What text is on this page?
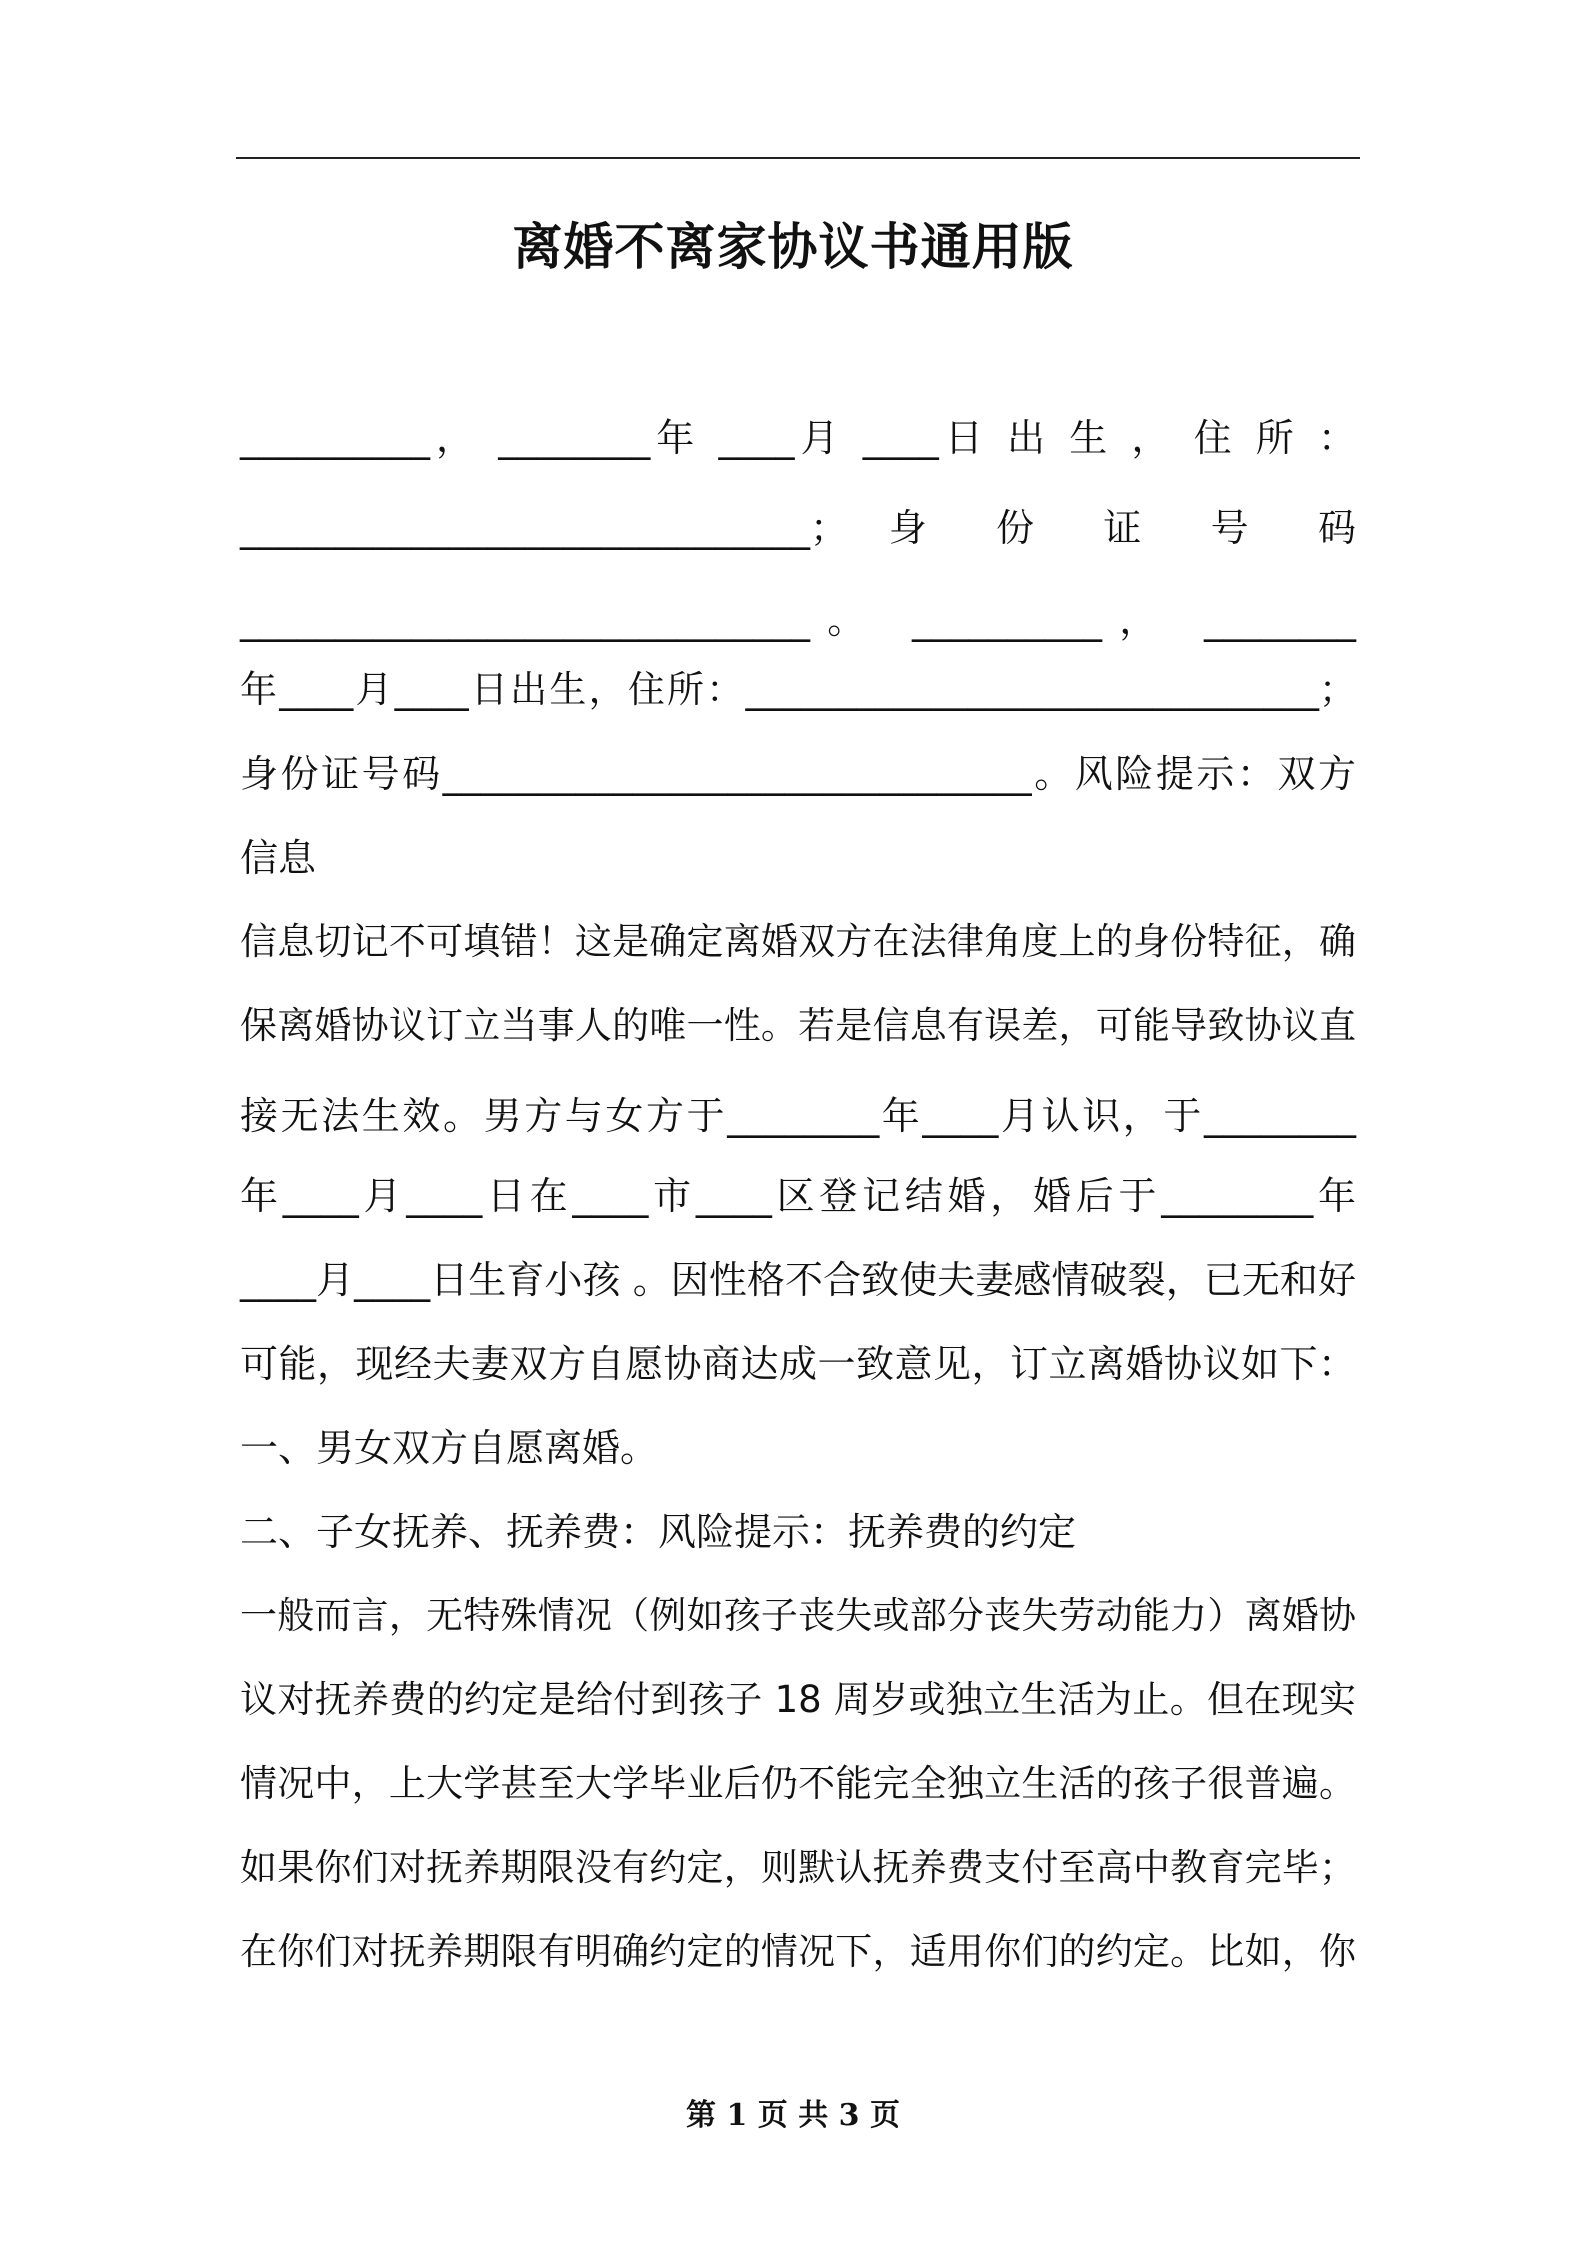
离婚不离家协议书通用版
__________， ________年 ____月 ____日 出 生 ， 住 所 ：
______________________________； 身 份 证 号 码
______________________________。 __________， ________
年____月____日出生，住所：_______________________________；
身份证号码_______________________________。风险提示：双方
信息
信息切记不可填错！这是确定离婚双方在法律角度上的身份特征，确
保离婚协议订立当事人的唯一性。若是信息有误差，可能导致协议直
接无法生效。男方与女方于________年____月认识，于________
年____月____日在____市____区登记结婚，婚后于________年
____月____日生育小孩 。因性格不合致使夫妻感情破裂，已无和好
可能，现经夫妻双方自愿协商达成一致意见，订立离婚协议如下：
一、男女双方自愿离婚。
二、子女抚养、抚养费：风险提示：抚养费的约定
一般而言，无特殊情况（例如孩子丧失或部分丧失劳动能力）离婚协
议对抚养费的约定是给付到孩子 18 周岁或独立生活为止。但在现实
情况中，上大学甚至大学毕业后仍不能完全独立生活的孩子很普遍。
如果你们对抚养期限没有约定，则默认抚养费支付至高中教育完毕；
在你们对抚养期限有明确约定的情况下，适用你们的约定。比如，你
第 1 页 共 3 页
